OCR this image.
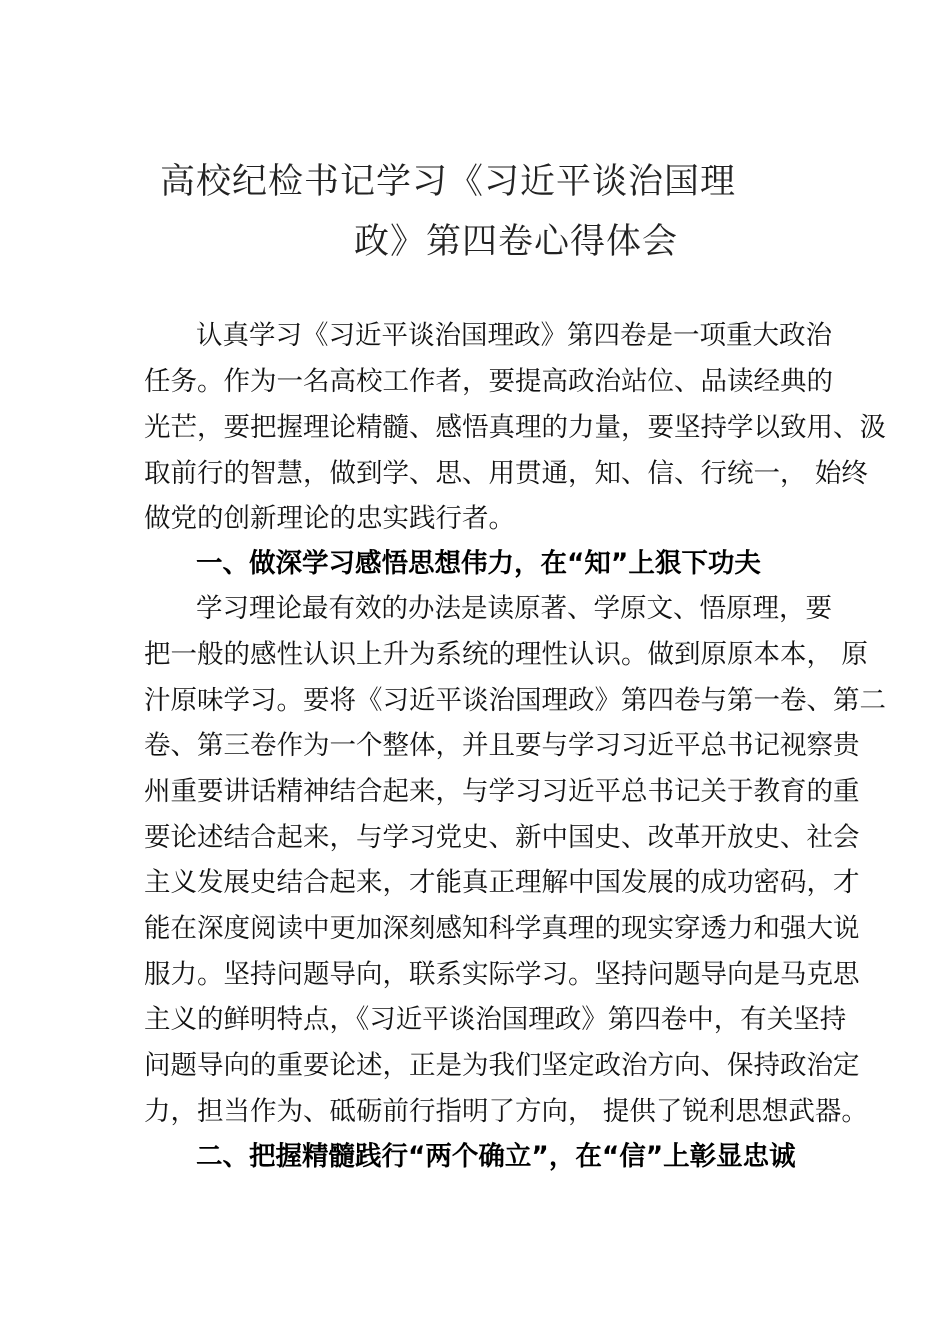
高校纪检书记学习《习近平谈治国理
政》第四卷心得体会
认真学习《习近平谈治国理政》第四卷是一项重大政治
任务。作为一名高校工作者，要提高政治站位、品读经典的
光芒，要把握理论精髓、感悟真理的力量，要坚持学以致用、汲
取前行的智慧，做到学、思、用贯通，知、信、行统一， 始终
做党的创新理论的忠实践行者。
一、做深学习感悟思想伟力，在“知”上狠下功夫
学习理论最有效的办法是读原著、学原文、悟原理，要
把一般的感性认识上升为系统的理性认识。做到原原本本， 原
汁原味学习。要将《习近平谈治国理政》第四卷与第一卷、第二
卷、第三卷作为一个整体，并且要与学习习近平总书记视察贵
州重要讲话精神结合起来，与学习习近平总书记关于教育的重
要论述结合起来，与学习党史、新中国史、改革开放史、社会
主义发展史结合起来，才能真正理解中国发展的成功密码，才
能在深度阅读中更加深刻感知科学真理的现实穿透力和强大说
服力。坚持问题导向，联系实际学习。坚持问题导向是马克思
主义的鲜明特点，《习近平谈治国理政》第四卷中，有关坚持
问题导向的重要论述，正是为我们坚定政治方向、保持政治定
力，担当作为、砥砺前行指明了方向， 提供了锐利思想武器。
二、把握精髓践行“两个确立”，在“信”上彰显忠诚
